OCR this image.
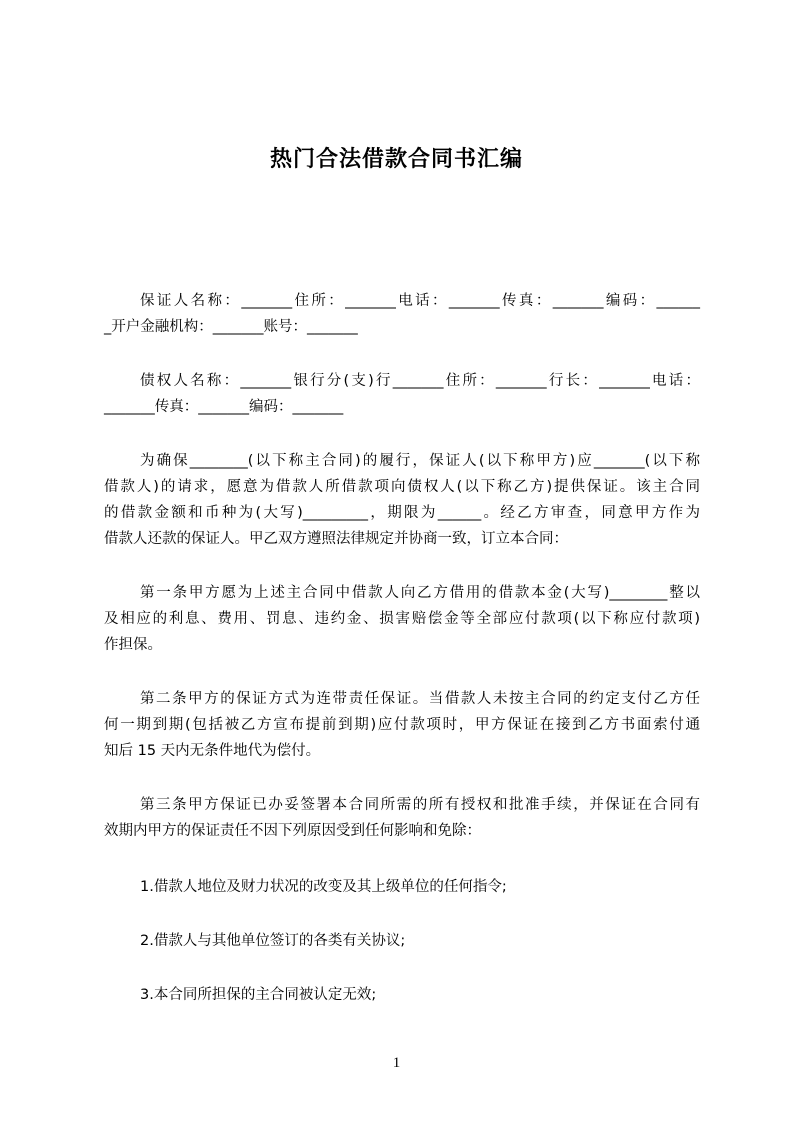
热门合法借款合同书汇编
保证人名称：_______住所：_______电话：_______传真：_______编码：______
_开户金融机构：_______账号：_______
债权人名称：_______银行分(支)行_______住所：_______行长：_______电话：
_______传真：_______编码：_______
为确保________(以下称主合同)的履行，保证人(以下称甲方)应_______(以下称
借款人)的请求，愿意为借款人所借款项向债权人(以下称乙方)提供保证。该主合同
的借款金额和币种为(大写)_________，期限为______。经乙方审查，同意甲方作为
借款人还款的保证人。甲乙双方遵照法律规定并协商一致，订立本合同：
第一条甲方愿为上述主合同中借款人向乙方借用的借款本金(大写)________整以
及相应的利息、费用、罚息、违约金、损害赔偿金等全部应付款项(以下称应付款项)
作担保。
第二条甲方的保证方式为连带责任保证。当借款人未按主合同的约定支付乙方任
何一期到期(包括被乙方宣布提前到期)应付款项时，甲方保证在接到乙方书面索付通
知后 15 天内无条件地代为偿付。
第三条甲方保证已办妥签署本合同所需的所有授权和批准手续，并保证在合同有
效期内甲方的保证责任不因下列原因受到任何影响和免除：
1.借款人地位及财力状况的改变及其上级单位的任何指令;
2.借款人与其他单位签订的各类有关协议;
3.本合同所担保的主合同被认定无效;
1
